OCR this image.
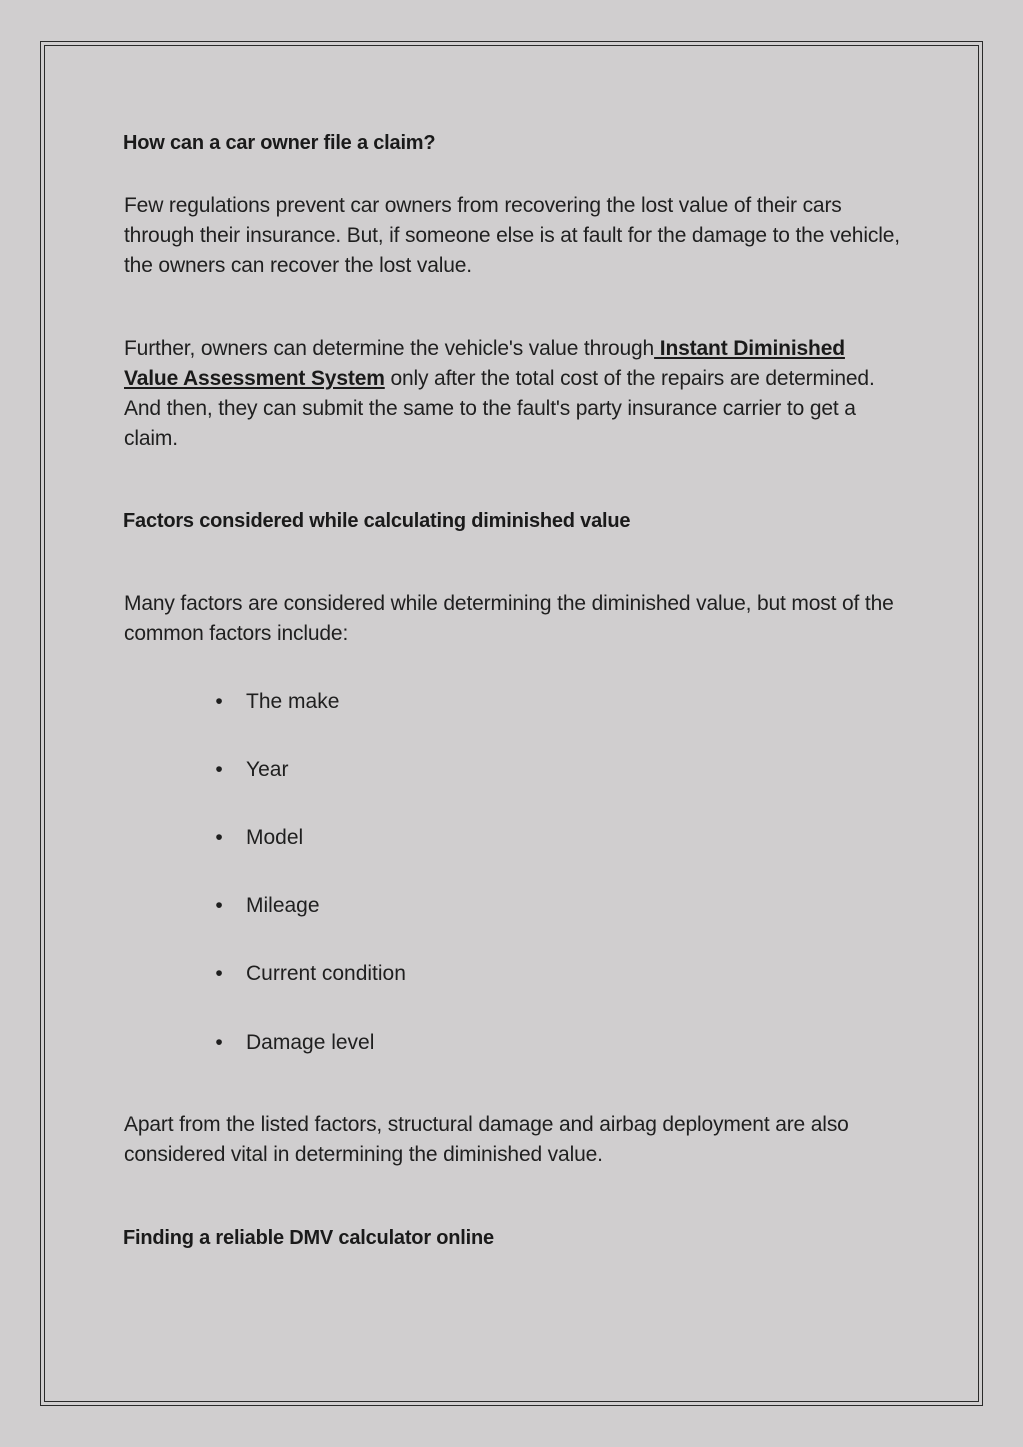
How can a car owner file a claim?

Few regulations prevent car owners from recovering the lost value of their cars through their insurance. But, if someone else is at fault for the damage to the vehicle, the owners can recover the lost value.

Further, owners can determine the vehicle's value through Instant Diminished Value Assessment System only after the total cost of the repairs are determined. And then, they can submit the same to the fault's party insurance carrier to get a claim.

Factors considered while calculating diminished value

Many factors are considered while determining the diminished value, but most of the common factors include:

• The make
• Year
• Model
• Mileage
• Current condition
• Damage level

Apart from the listed factors, structural damage and airbag deployment are also considered vital in determining the diminished value.

Finding a reliable DMV calculator online
